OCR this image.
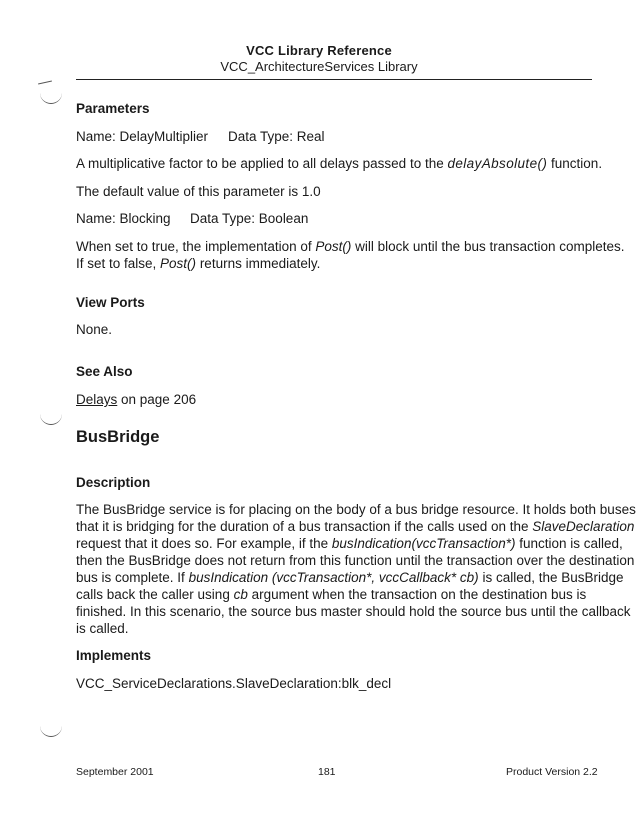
VCC Library Reference
VCC_ArchitectureServices Library
Parameters
Name: DelayMultiplier Data Type: Real
A multiplicative factor to be applied to all delays passed to the delayAbsolute() function.
The default value of this parameter is 1.0
Name: Blocking Data Type: Boolean
When set to true, the implementation of Post() will block until the bus transaction completes.
If set to false, Post() returns immediately.
View Ports
None.
See Also
Delays on page 206
BusBridge
Description
The BusBridge service is for placing on the body of a bus bridge resource. It holds both buses
that it is bridging for the duration of a bus transaction if the calls used on the SlaveDeclaration
request that it does so. For example, if the busIndication(vccTransaction*) function is called,
then the BusBridge does not return from this function until the transaction over the destination
bus is complete. If busIndication (vccTransaction*, vccCallback* cb) is called, the BusBridge
calls back the caller using cb argument when the transaction on the destination bus is
finished. In this scenario, the source bus master should hold the source bus until the callback
is called.
Implements
VCC_ServiceDeclarations.SlaveDeclaration:blk_decl
September 2001	181	Product Version 2.2
